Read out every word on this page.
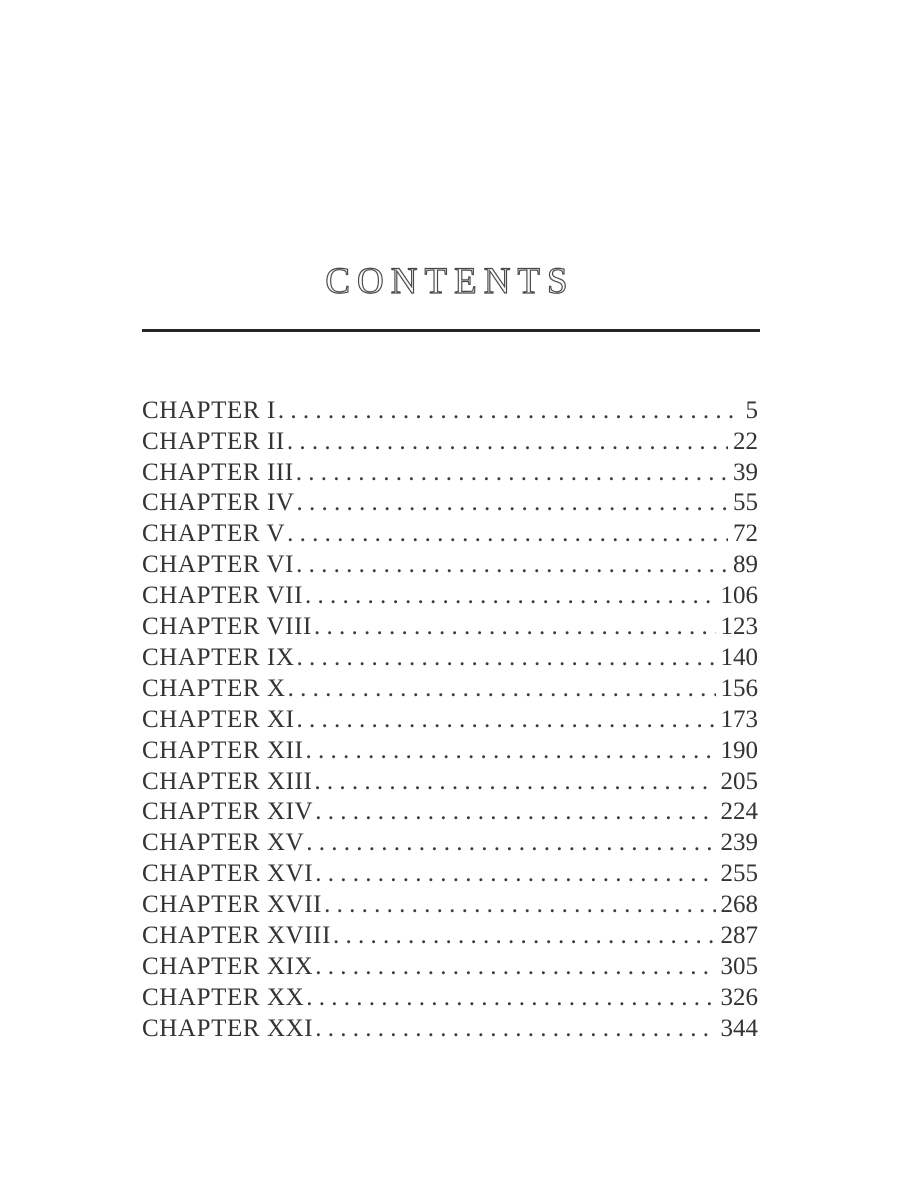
CONTENTS
CHAPTER I . . .	5
CHAPTER II . . .	22
CHAPTER III . . .	39
CHAPTER IV . . .	55
CHAPTER V . . .	72
CHAPTER VI . . .	89
CHAPTER VII . . .	106
CHAPTER VIII . . .	123
CHAPTER IX . . .	140
CHAPTER X . . .	156
CHAPTER XI . . .	173
CHAPTER XII . . .	190
CHAPTER XIII . . .	205
CHAPTER XIV . . .	224
CHAPTER XV . . .	239
CHAPTER XVI . . .	255
CHAPTER XVII . . .	268
CHAPTER XVIII . . .	287
CHAPTER XIX . . .	305
CHAPTER XX . . .	326
CHAPTER XXI . . .	344
